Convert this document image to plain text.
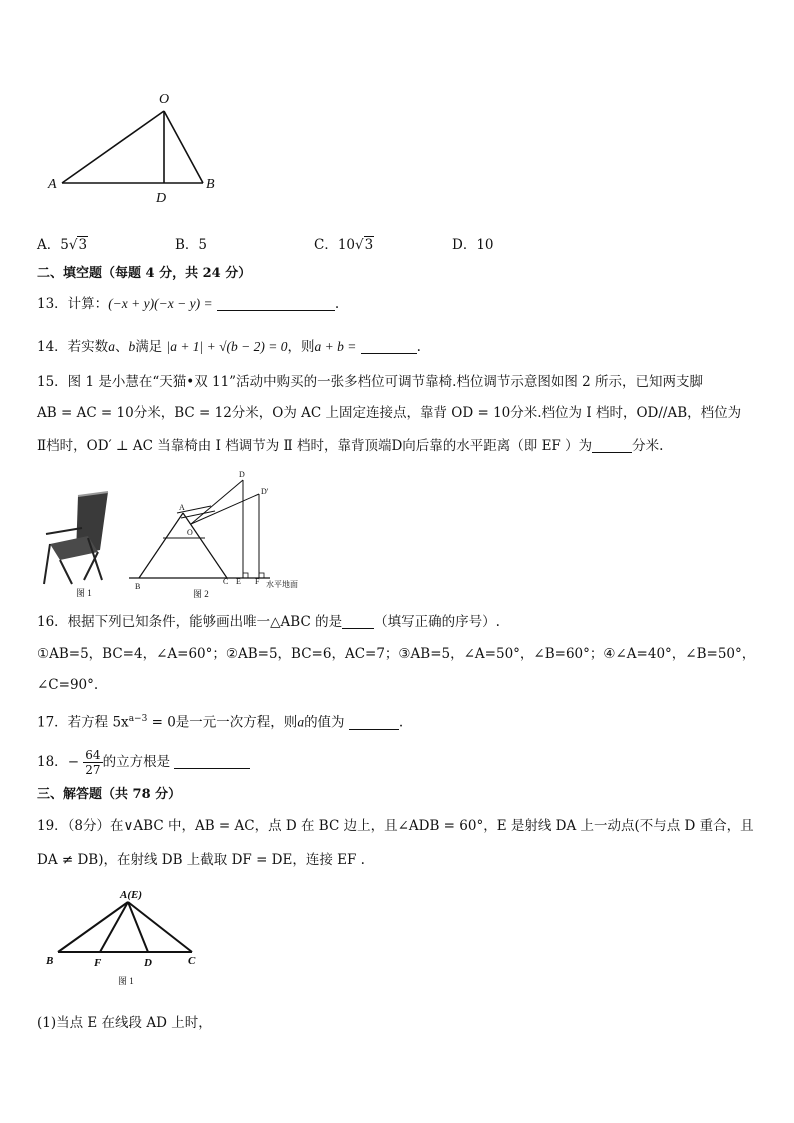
O
A
D
B
A．5√3	B．5	C．10√3	D．10
二、填空题（每题 4 分，共 24 分）
13．计算：(−x + y)(−x − y) =	.
14．若实数a、b满足 |a + 1| + √(b − 2) = 0，则a + b =	.
15．图 1 是小慧在“天猫•双 11”活动中购买的一张多档位可调节靠椅.档位调节示意图如图 2 所示，已知两支脚
AB = AC = 10分米，BC = 12分米，O为 AC 上固定连接点，靠背 OD = 10分米.档位为 Ⅰ 档时，OD//AB，档位为
Ⅱ档时，OD′ ⊥ AC 当靠椅由 Ⅰ 档调节为 Ⅱ 档时，靠背顶端D向后靠的水平距离（即 EF ）为	分米.
图 1
A
O
B
C E F
D
D′
水平地面
图 2
16．根据下列已知条件，能够画出唯一△ABC 的是 （填写正确的序号）.
①AB=5，BC=4，∠A=60°；②AB=5，BC=6，AC=7；③AB=5，∠A=50°，∠B=60°；④∠A=40°，∠B=50°，
∠C=90°.
17．若方程 $5x^{a-3} = 0$是一元一次方程，则a的值为	.
18．− $\frac{64}{27}$ 的立方根是
三、解答题（共 78 分）
19．（8分）在∨ABC 中，AB = AC，点 D 在 BC 边上，且∠ADB = 60°，E 是射线 DA 上一动点(不与点 D 重合，且
DA ≠ DB)，在射线 DB 上截取 DF = DE，连接 EF .
A(E)
B	F	D	C
图 1
(1)当点 E 在线段 AD 上时，
